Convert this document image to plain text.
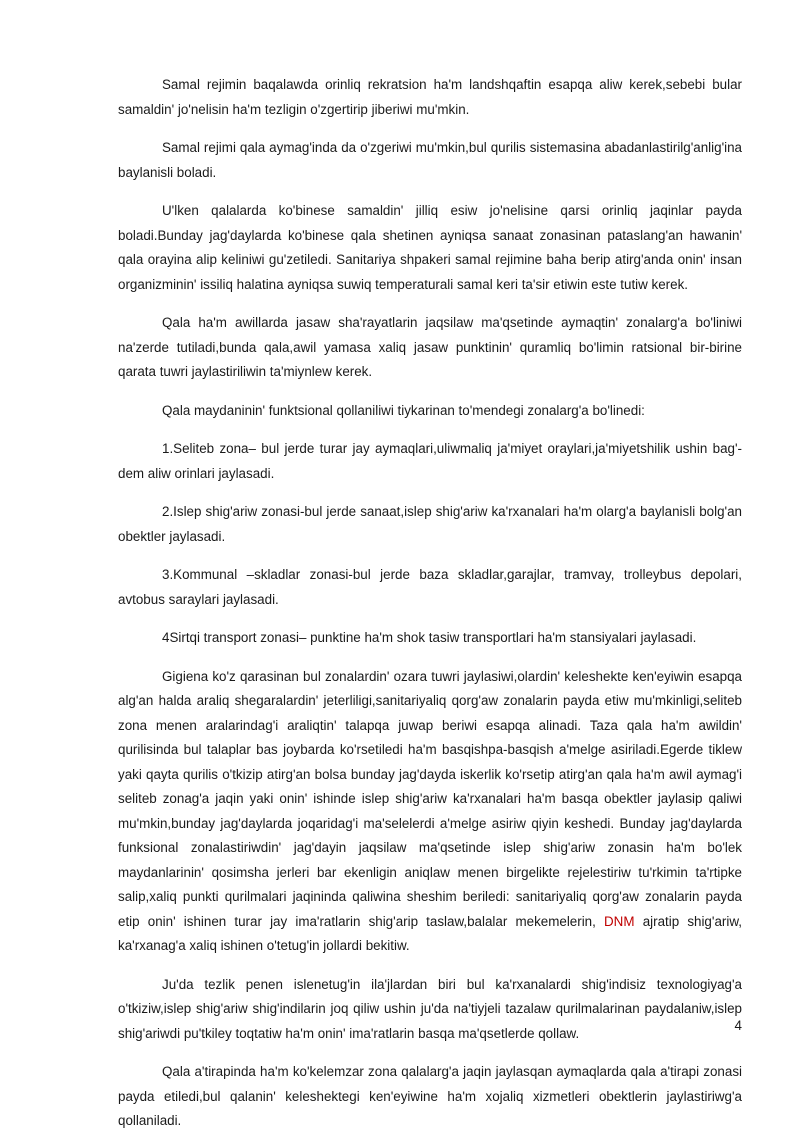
Samal rejimin baqalawda orinliq rekratsion ha'm landshqaftin esapqa aliw kerek,sebebi bular samaldin' jo'nelisin ha'm tezligin o'zgertirip jiberiwi mu'mkin.

Samal rejimi qala aymag'inda da o'zgeriwi mu'mkin,bul qurilis sistemasina abadanlastirilg'anlig'ina baylanisli boladi.

U'lken qalalarda ko'binese samaldin' jilliq esiw jo'nelisine qarsi orinliq jaqinlar payda boladi.Bunday jag'daylarda ko'binese qala shetinen ayniqsa sanaat zonasinan pataslang'an hawanin' qala orayina alip keliniwi gu'zetiledi. Sanitariya shpakeri samal rejimine baha berip atirg'anda onin' insan organizminin' issiliq halatina ayniqsa suwiq temperaturali samal keri ta'sir etiwin este tutiw kerek.

Qala ha'm awillarda jasaw sha'rayatlarin jaqsilaw ma'qsetinde aymaqtin' zonalarg'a bo'liniwi na'zerde tutiladi,bunda qala,awil yamasa xaliq jasaw punktinin' quramliq bo'limin ratsional bir-birine qarata tuwri jaylastiriliwin ta'miynlew kerek.

Qala maydaninin' funktsional qollaniliwi tiykarinan to'mendegi zonalarg'a bo'linedi:

1.Seliteb zona– bul jerde turar jay aymaqlari,uliwmaliq ja'miyet oraylari,ja'miyetshilik ushin bag'-dem aliw orinlari jaylasadi.

2.Islep shig'ariw zonasi-bul jerde sanaat,islep shig'ariw ka'rxanalari ha'm olarg'a baylanisli bolg'an obektler jaylasadi.

3.Kommunal –skladlar zonasi-bul jerde baza skladlar,garajlar, tramvay, trolleybus depolari, avtobus saraylari jaylasadi.

4Sirtqi transport zonasi– punktine ha'm shok tasiw transportlari ha'm stansiyalari jaylasadi.

Gigiena ko'z qarasinan bul zonalardin' ozara tuwri jaylasiwi,olardin' keleshekte ken'eyiwin esapqa alg'an halda araliq shegaralardin' jeterliligi,sanitariyaliq qorg'aw zonalarin payda etiw mu'mkinligi,seliteb zona menen aralarindag'i araliqtin' talapqa juwap beriwi esapqa alinadi. Taza qala ha'm awildin' qurilisinda bul talaplar bas joybarda ko'rsetiledi ha'm basqishpa-basqish a'melge asiriladi.Egerde tiklew yaki qayta qurilis o'tkizip atirg'an bolsa bunday jag'dayda iskerlik ko'rsetip atirg'an qala ha'm awil aymag'i seliteb zonag'a jaqin yaki onin' ishinde islep shig'ariw ka'rxanalari ha'm basqa obektler jaylasip qaliwi mu'mkin,bunday jag'daylarda joqaridag'i ma'selelerdi a'melge asiriw qiyin keshedi. Bunday jag'daylarda funksional zonalastiriwdin' jag'dayin jaqsilaw ma'qsetinde islep shig'ariw zonasin ha'm bo'lek maydanlarinin' qosimsha jerleri bar ekenligin aniqlaw menen birgelikte rejelestiriw tu'rkimin ta'rtipke salip,xaliq punkti qurilmalari jaqininda qaliwina sheshim beriledi: sanitariyaliq qorg'aw zonalarin payda etip onin' ishinen turar jay ima'ratlarin shig'arip taslaw,balalar mekemelerin, DNM ajratip shig'ariw, ka'rxanag'a xaliq ishinen o'tetug'in jollardi bekitiw.

Ju'da tezlik penen islenetug'in ila'jlardan biri bul ka'rxanalardi shig'indisiz texnologiyag'a o'tkiziw,islep shig'ariw shig'indilarin joq qiliw ushin ju'da na'tiyjeli tazalaw qurilmalarinan paydalaniw,islep shig'ariwdi pu'tkiley toqtatiw ha'm onin' ima'ratlarin basqa ma'qsetlerde qollaw.

Qala a'tirapinda ha'm ko'kelemzar zona qalalarg'a jaqin jaylasqan aymaqlarda qala a'tirapi zonasi payda etiledi,bul qalanin' keleshektegi ken'eyiwine ha'm xojaliq xizmetleri obektlerin jaylastiriwg'a qollaniladi.

4
